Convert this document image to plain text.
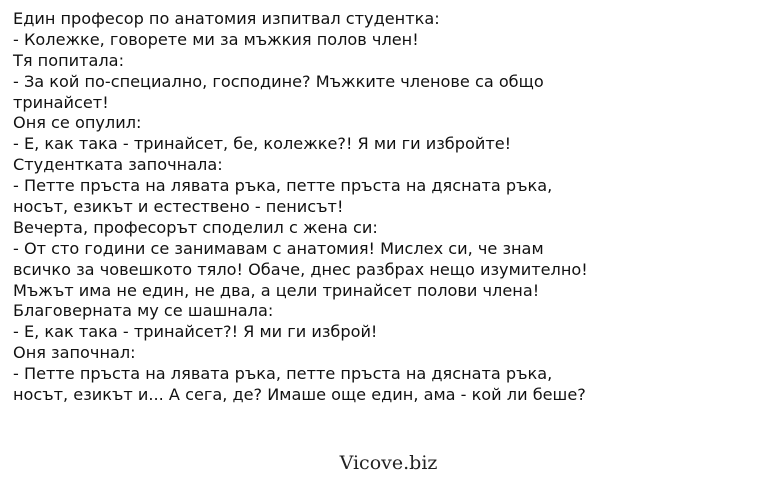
Един професор по анатомия изпитвал студентка:
- Колежке, говорете ми за мъжкия полов член!
Тя попитала:
- За кой по-специално, господине? Мъжките членове са общо
тринайсет!
Оня се опулил:
- Е, как така - тринайсет, бе, колежке?! Я ми ги избройте!
Студентката започнала:
- Петте пръста на лявата ръка, петте пръста на дясната ръка,
носът, езикът и естествено - пенисът!
Вечерта, професорът споделил с жена си:
- От сто години се занимавам с анатомия! Мислех си, че знам
всичко за човешкото тяло! Обаче, днес разбрах нещо изумително!
Мъжът има не един, не два, а цели тринайсет полови члена!
Благоверната му се шашнала:
- Е, как така - тринайсет?! Я ми ги изброй!
Оня започнал:
- Петте пръста на лявата ръка, петте пръста на дясната ръка,
носът, езикът и... А сега, де? Имаше още един, ама - кой ли беше?
Vicove.biz
